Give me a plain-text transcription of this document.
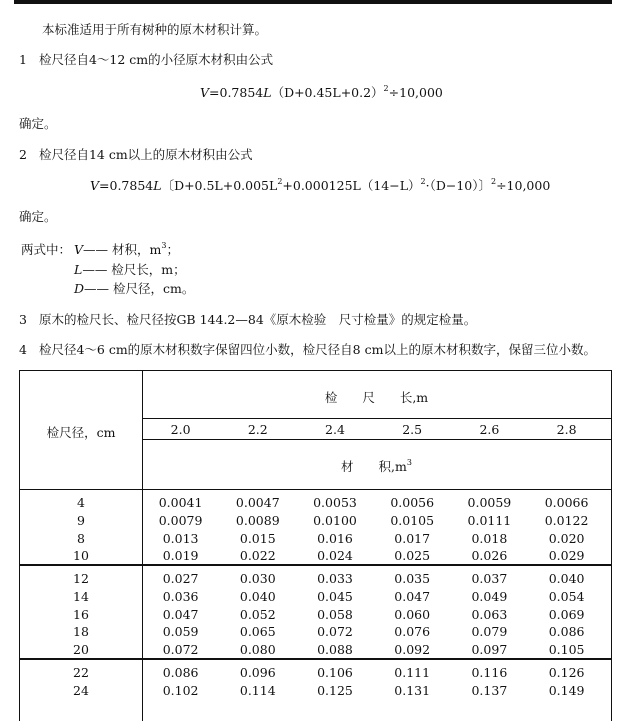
本标准适用于所有树种的原木材积计算。
1 检尺径自4～12 cm的小径原木材积由公式
$V=0.7854L(D+0.45L+0.2)^2\div 10,000$
确定。
2 检尺径自14 cm以上的原木材积由公式
V=0.7854L〔$D+0.5L+0.005L^2+0.000125L(14-L)^2\cdot(D-10)$〕$^2$÷10,000
确定。
两式中： V—— 材积，$m^3$；
L—— 检尺长，m；
D—— 检尺径，cm。
3 原木的检尺长、检尺径按GB 144.2—84《原木检验　尺寸检量》的规定检量。
4 检尺径4～6 cm的原木材积数字保留四位小数，检尺径自8 cm以上的原木材积数字，保留三位小数。
检尺径，cm
检　　尺　　长,m
材　　积$,m^3$
2.0	2.2	2.4	2.5	2.6	2.8
4	0.0041	0.0047	0.0053	0.0056	0.0059	0.0066
9	0.0079	0.0089	0.0100	0.0105	0.0111	0.0122
8	0.013	0.015	0.016	0.017	0.018	0.020
10	0.019	0.022	0.024	0.025	0.026	0.029
12	0.027	0.030	0.033	0.035	0.037	0.040
14	0.036	0.040	0.045	0.047	0.049	0.054
16	0.047	0.052	0.058	0.060	0.063	0.069
18	0.059	0.065	0.072	0.076	0.079	0.086
20	0.072	0.080	0.088	0.092	0.097	0.105
22	0.086	0.096	0.106	0.111	0.116	0.126
24	0.102	0.114	0.125	0.131	0.137	0.149
